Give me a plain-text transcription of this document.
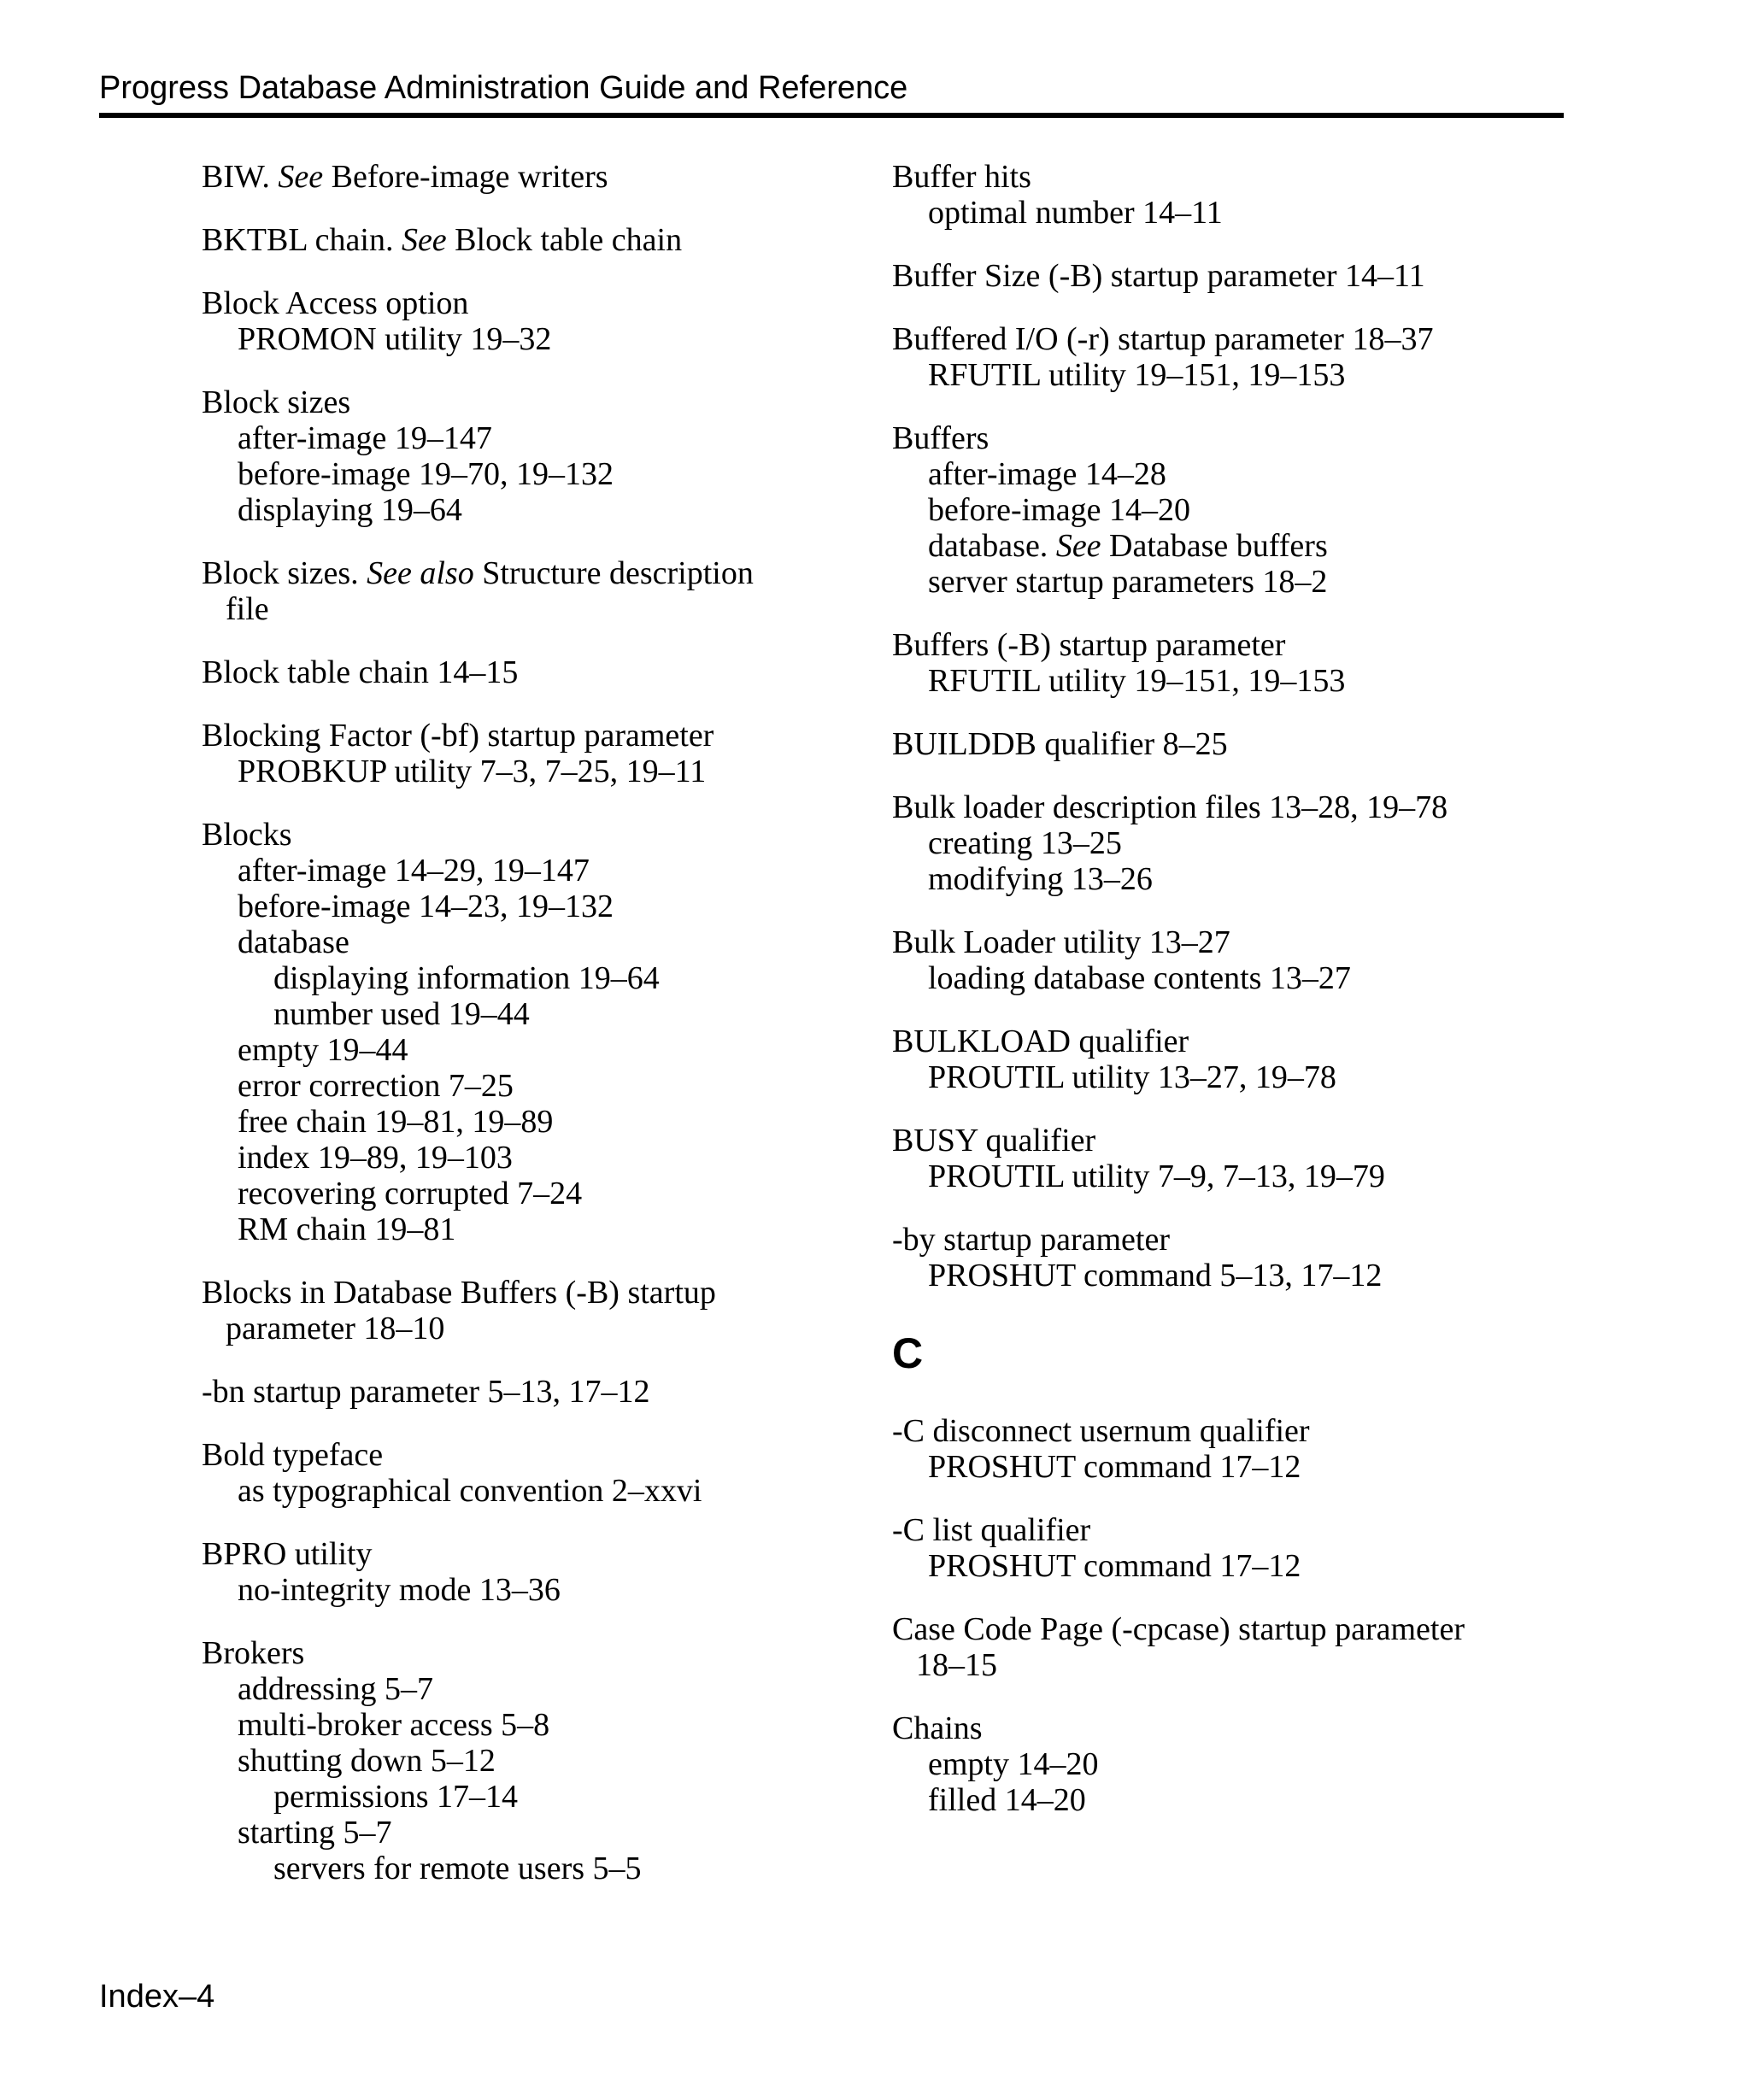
Progress Database Administration Guide and Reference
BIW. See Before-image writers
BKTBL chain. See Block table chain
Block Access option
PROMON utility 19–32
Block sizes
after-image 19–147
before-image 19–70, 19–132
displaying 19–64
Block sizes. See also Structure description
file
Block table chain 14–15
Blocking Factor (-bf) startup parameter
PROBKUP utility 7–3, 7–25, 19–11
Blocks
after-image 14–29, 19–147
before-image 14–23, 19–132
database
displaying information 19–64
number used 19–44
empty 19–44
error correction 7–25
free chain 19–81, 19–89
index 19–89, 19–103
recovering corrupted 7–24
RM chain 19–81
Blocks in Database Buffers (-B) startup
parameter 18–10
-bn startup parameter 5–13, 17–12
Bold typeface
as typographical convention 2–xxvi
BPRO utility
no-integrity mode 13–36
Brokers
addressing 5–7
multi-broker access 5–8
shutting down 5–12
permissions 17–14
starting 5–7
servers for remote users 5–5
Buffer hits
optimal number 14–11
Buffer Size (-B) startup parameter 14–11
Buffered I/O (-r) startup parameter 18–37
RFUTIL utility 19–151, 19–153
Buffers
after-image 14–28
before-image 14–20
database. See Database buffers
server startup parameters 18–2
Buffers (-B) startup parameter
RFUTIL utility 19–151, 19–153
BUILDDB qualifier 8–25
Bulk loader description files 13–28, 19–78
creating 13–25
modifying 13–26
Bulk Loader utility 13–27
loading database contents 13–27
BULKLOAD qualifier
PROUTIL utility 13–27, 19–78
BUSY qualifier
PROUTIL utility 7–9, 7–13, 19–79
-by startup parameter
PROSHUT command 5–13, 17–12
C
-C disconnect usernum qualifier
PROSHUT command 17–12
-C list qualifier
PROSHUT command 17–12
Case Code Page (-cpcase) startup parameter
18–15
Chains
empty 14–20
filled 14–20
Index–4
